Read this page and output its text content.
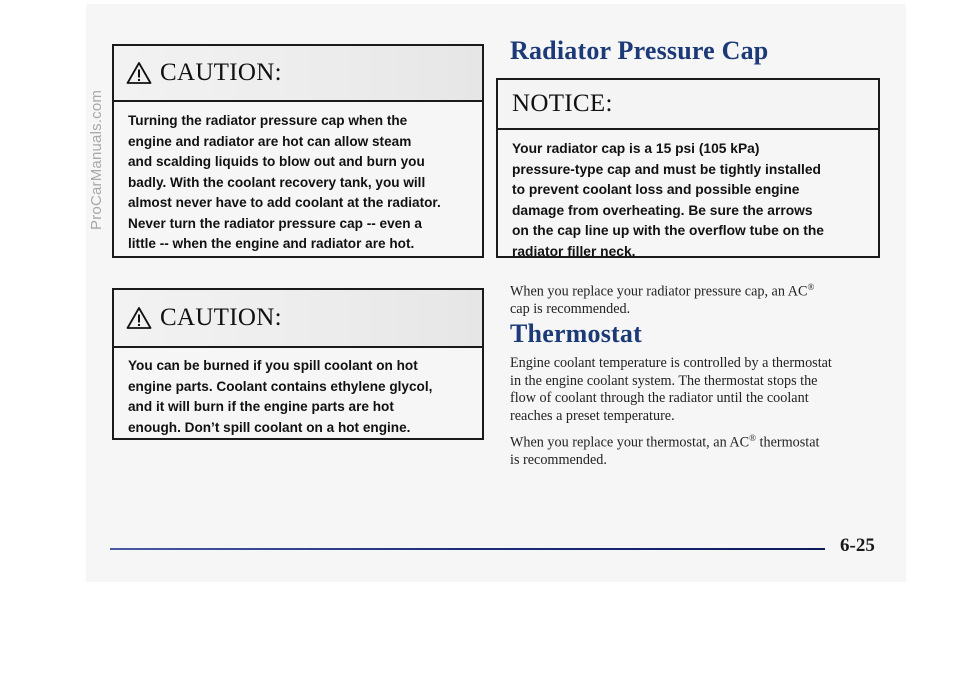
ProCarManuals.com
CAUTION:
Turning the radiator pressure cap when the
engine and radiator are hot can allow steam
and scalding liquids to blow out and burn you
badly. With the coolant recovery tank, you will
almost never have to add coolant at the radiator.
Never turn the radiator pressure cap -- even a
little -- when the engine and radiator are hot.
CAUTION:
You can be burned if you spill coolant on hot
engine parts. Coolant contains ethylene glycol,
and it will burn if the engine parts are hot
enough. Don’t spill coolant on a hot engine.
Radiator Pressure Cap
NOTICE:
Your radiator cap is a 15 psi (105 kPa)
pressure-type cap and must be tightly installed
to prevent coolant loss and possible engine
damage from overheating. Be sure the arrows
on the cap line up with the overflow tube on the
radiator filler neck.
When you replace your radiator pressure cap, an AC®
cap is recommended.
Thermostat
Engine coolant temperature is controlled by a thermostat
in the engine coolant system. The thermostat stops the
flow of coolant through the radiator until the coolant
reaches a preset temperature.
When you replace your thermostat, an AC® thermostat
is recommended.
6-25
